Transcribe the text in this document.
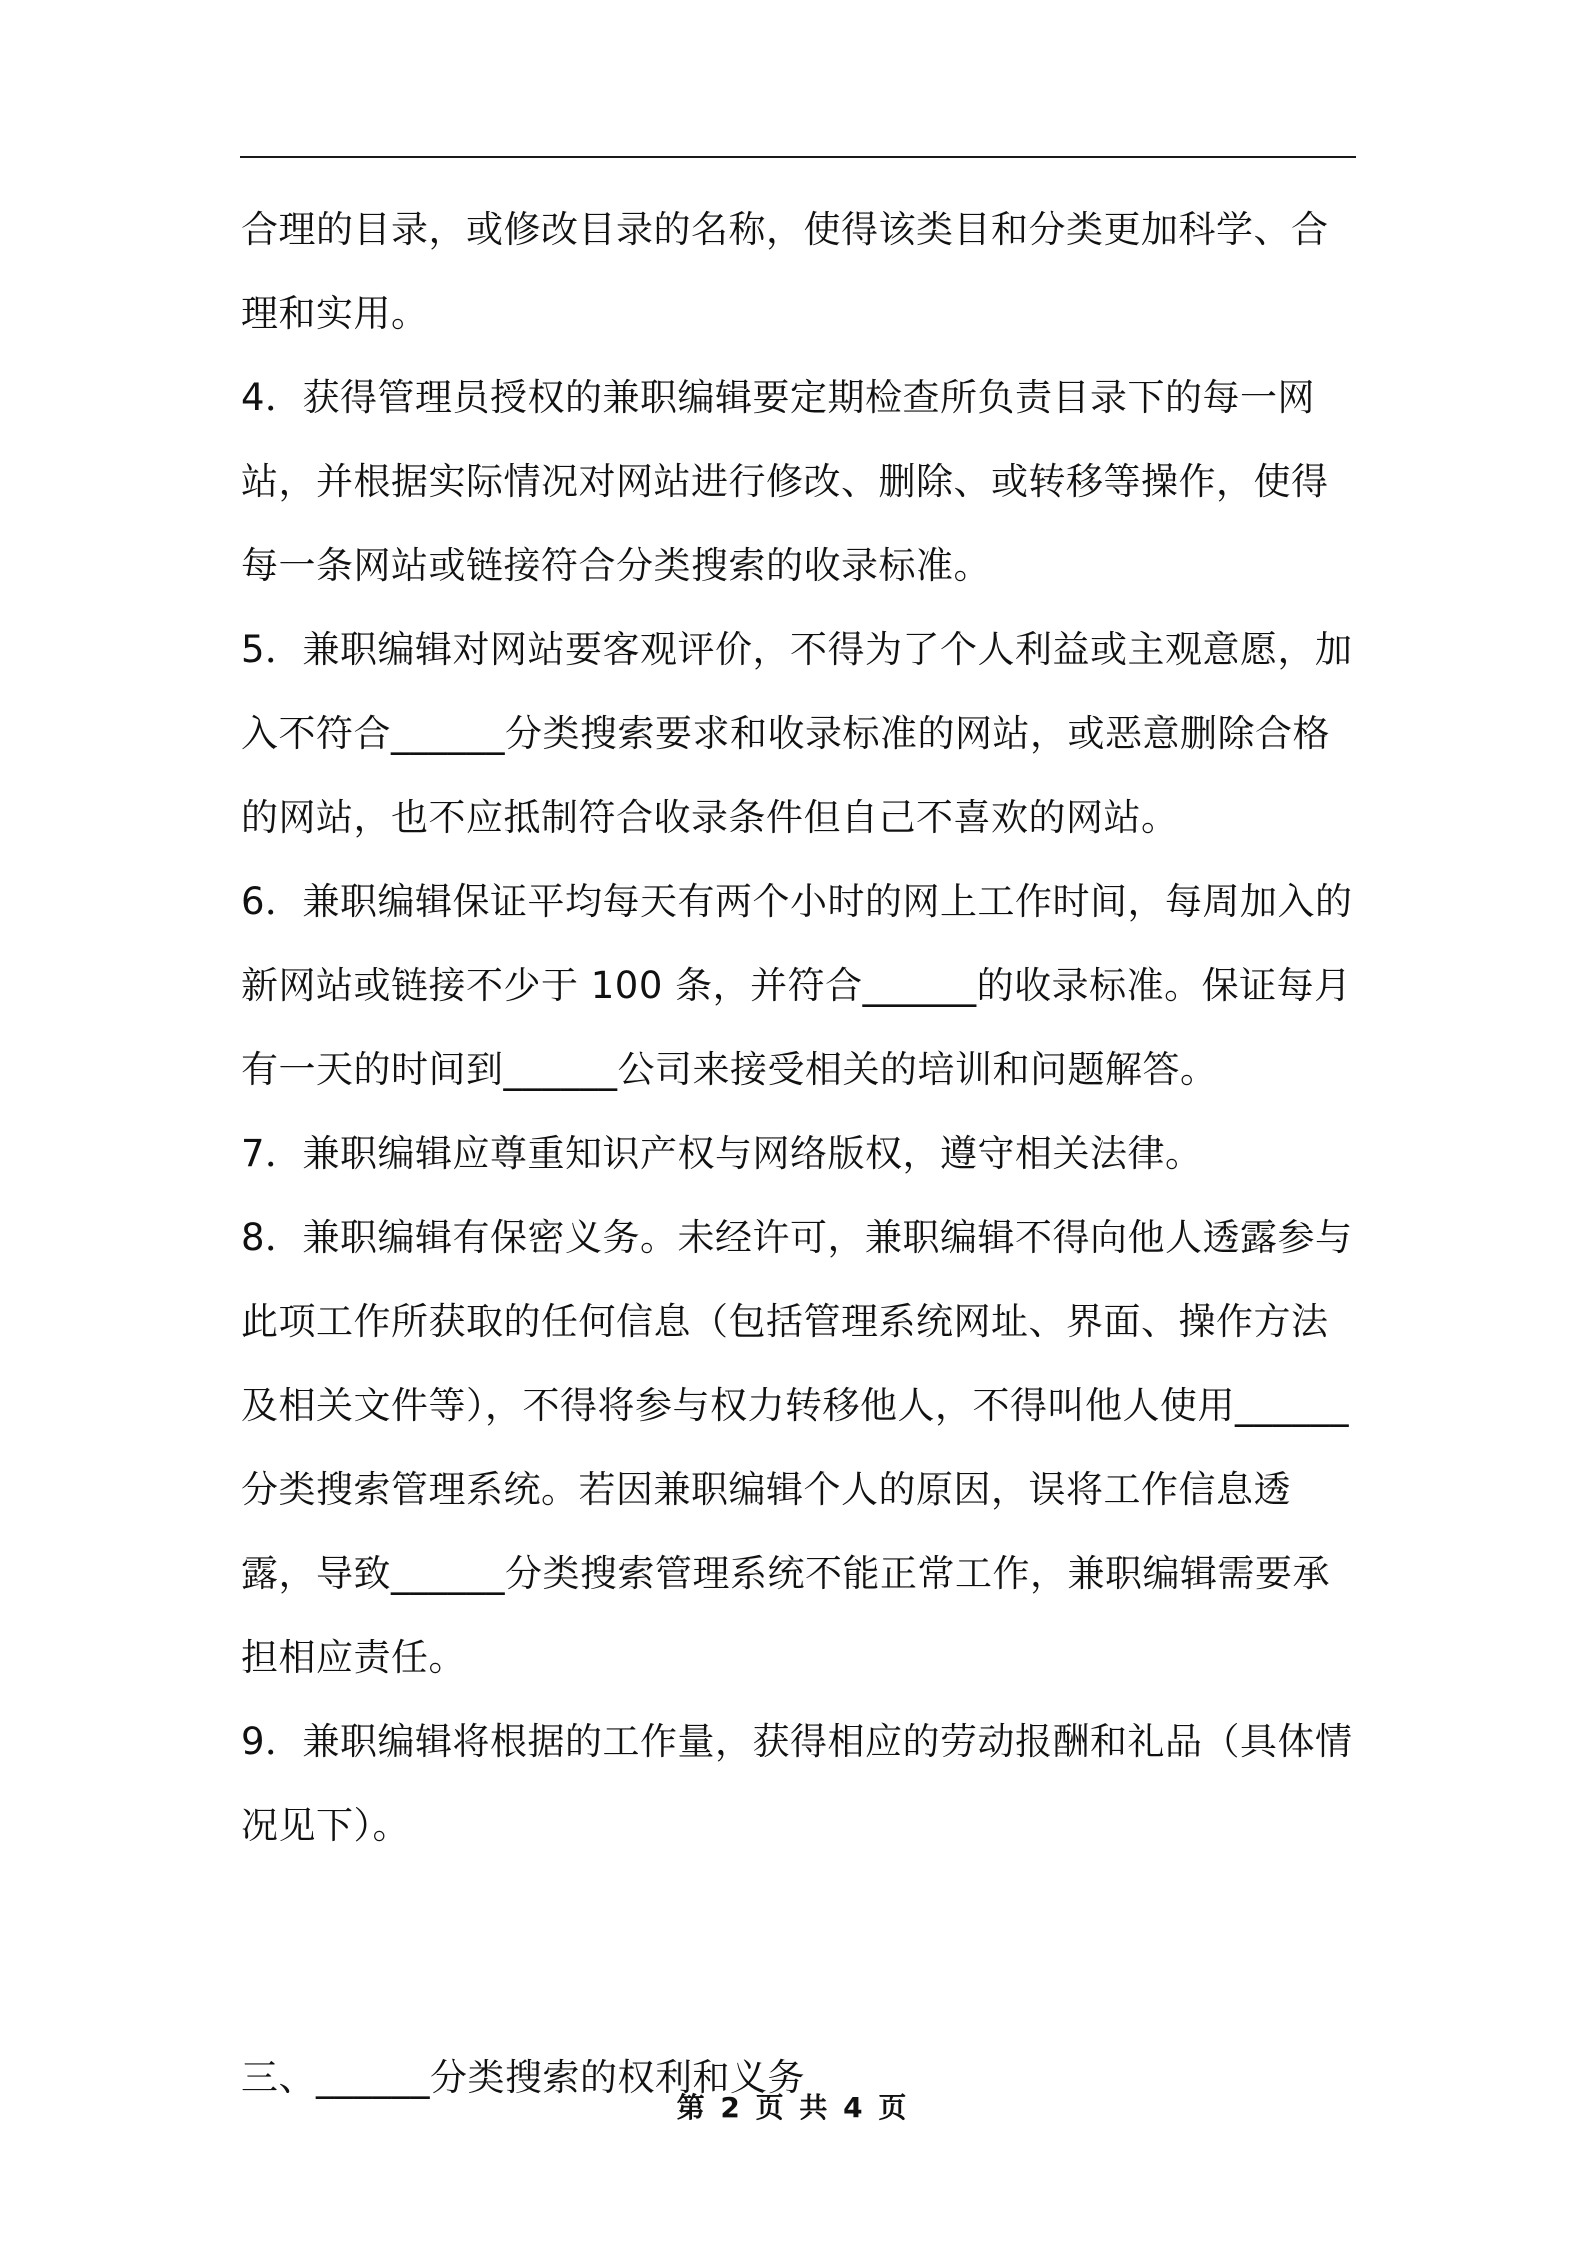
合理的目录，或修改目录的名称，使得该类目和分类更加科学、合理和实用。

4．获得管理员授权的兼职编辑要定期检查所负责目录下的每一网站，并根据实际情况对网站进行修改、删除、或转移等操作，使得每一条网站或链接符合分类搜索的收录标准。

5．兼职编辑对网站要客观评价，不得为了个人利益或主观意愿，加入不符合______分类搜索要求和收录标准的网站，或恶意删除合格的网站，也不应抵制符合收录条件但自己不喜欢的网站。

6．兼职编辑保证平均每天有两个小时的网上工作时间，每周加入的新网站或链接不少于 100 条，并符合______的收录标准。保证每月有一天的时间到______公司来接受相关的培训和问题解答。

7．兼职编辑应尊重知识产权与网络版权，遵守相关法律。

8．兼职编辑有保密义务。未经许可，兼职编辑不得向他人透露参与此项工作所获取的任何信息（包括管理系统网址、界面、操作方法及相关文件等），不得将参与权力转移他人，不得叫他人使用______分类搜索管理系统。若因兼职编辑个人的原因，误将工作信息透露，导致______分类搜索管理系统不能正常工作，兼职编辑需要承担相应责任。

9．兼职编辑将根据的工作量，获得相应的劳动报酬和礼品（具体情况见下）。

三、______分类搜索的权利和义务

第 2 页 共 4 页
